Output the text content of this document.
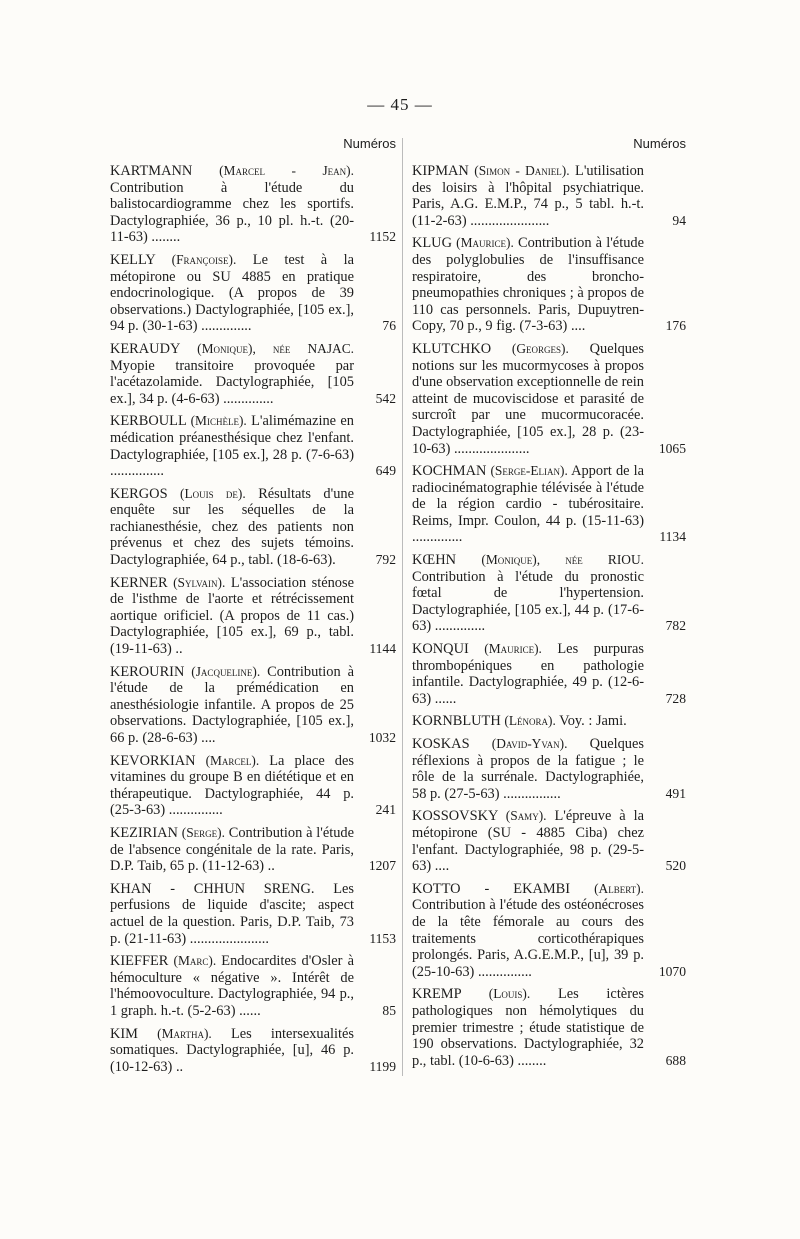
— 45 —
Numéros
KARTMANN (Marcel - Jean). Contribution à l'étude du balistocardiogramme chez les sportifs. Dactylographiée, 36 p., 10 pl. h.-t. (20-11-63) ........	1152
KELLY (Françoise). Le test à la métopirone ou SU 4885 en pratique endocrinologique. (A propos de 39 observations.) Dactylographiée, [105 ex.], 94 p. (30-1-63) ..............	76
KERAUDY (Monique), née NAJAC. Myopie transitoire provoquée par l'acétazolamide. Dactylographiée, [105 ex.], 34 p. (4-6-63) ..............	542
KERBOULL (Michèle). L'alimémazine en médication préanesthésique chez l'enfant. Dactylographiée, [105 ex.], 28 p. (7-6-63) ...............	649
KERGOS (Louis de). Résultats d'une enquête sur les séquelles de la rachianesthésie, chez des patients non prévenus et chez des sujets témoins. Dactylographiée, 64 p., tabl. (18-6-63).	792
KERNER (Sylvain). L'association sténose de l'isthme de l'aorte et rétrécissement aortique orificiel. (A propos de 11 cas.) Dactylographiée, [105 ex.], 69 p., tabl. (19-11-63) ..	1144
KEROURIN (Jacqueline). Contribution à l'étude de la prémédication en anesthésiologie infantile. A propos de 25 observations. Dactylographiée, [105 ex.], 66 p. (28-6-63) ....	1032
KEVORKIAN (Marcel). La place des vitamines du groupe B en diététique et en thérapeutique. Dactylographiée, 44 p. (25-3-63) ...............	241
KEZIRIAN (Serge). Contribution à l'étude de l'absence congénitale de la rate. Paris, D.P. Taib, 65 p. (11-12-63) ..	1207
KHAN - CHHUN SRENG. Les perfusions de liquide d'ascite; aspect actuel de la question. Paris, D.P. Taib, 73 p. (21-11-63) ......................	1153
KIEFFER (Marc). Endocardites d'Osler à hémoculture « négative ». Intérêt de l'hémoovoculture. Dactylographiée, 94 p., 1 graph. h.-t. (5-2-63) ......	85
KIM (Martha). Les intersexualités somatiques. Dactylographiée, [u], 46 p. (10-12-63) ..	1199
Numéros
KIPMAN (Simon - Daniel). L'utilisation des loisirs à l'hôpital psychiatrique. Paris, A.G. E.M.P., 74 p., 5 tabl. h.-t. (11-2-63) ......................	94
KLUG (Maurice). Contribution à l'étude des polyglobulies de l'insuffisance respiratoire, des broncho-pneumopathies chroniques ; à propos de 110 cas personnels. Paris, Dupuytren-Copy, 70 p., 9 fig. (7-3-63) ....	176
KLUTCHKO (Georges). Quelques notions sur les mucormycoses à propos d'une observation exceptionnelle de rein atteint de mucoviscidose et parasité de surcroît par une mucormucoracée. Dactylographiée, [105 ex.], 28 p. (23-10-63) .....................	1065
KOCHMAN (Serge-Elian). Apport de la radiocinématographie télévisée à l'étude de la région cardio - tubérositaire. Reims, Impr. Coulon, 44 p. (15-11-63) ..............	1134
KŒHN (Monique), née RIOU. Contribution à l'étude du pronostic fœtal de l'hypertension. Dactylographiée, [105 ex.], 44 p. (17-6-63) ..............	782
KONQUI (Maurice). Les purpuras thrombopéniques en pathologie infantile. Dactylographiée, 49 p. (12-6-63) ......	728
KORNBLUTH (Lénora). Voy. : Jami.
KOSKAS (David-Yvan). Quelques réflexions à propos de la fatigue ; le rôle de la surrénale. Dactylographiée, 58 p. (27-5-63) ................	491
KOSSOVSKY (Samy). L'épreuve à la métopirone (SU - 4885 Ciba) chez l'enfant. Dactylographiée, 98 p. (29-5-63) ....	520
KOTTO - EKAMBI (Albert). Contribution à l'étude des ostéonécroses de la tête fémorale au cours des traitements corticothérapiques prolongés. Paris, A.G.E.M.P., [u], 39 p. (25-10-63) ...............	1070
KREMP (Louis). Les ictères pathologiques non hémolytiques du premier trimestre ; étude statistique de 190 observations. Dactylographiée, 32 p., tabl. (10-6-63) ........	688
